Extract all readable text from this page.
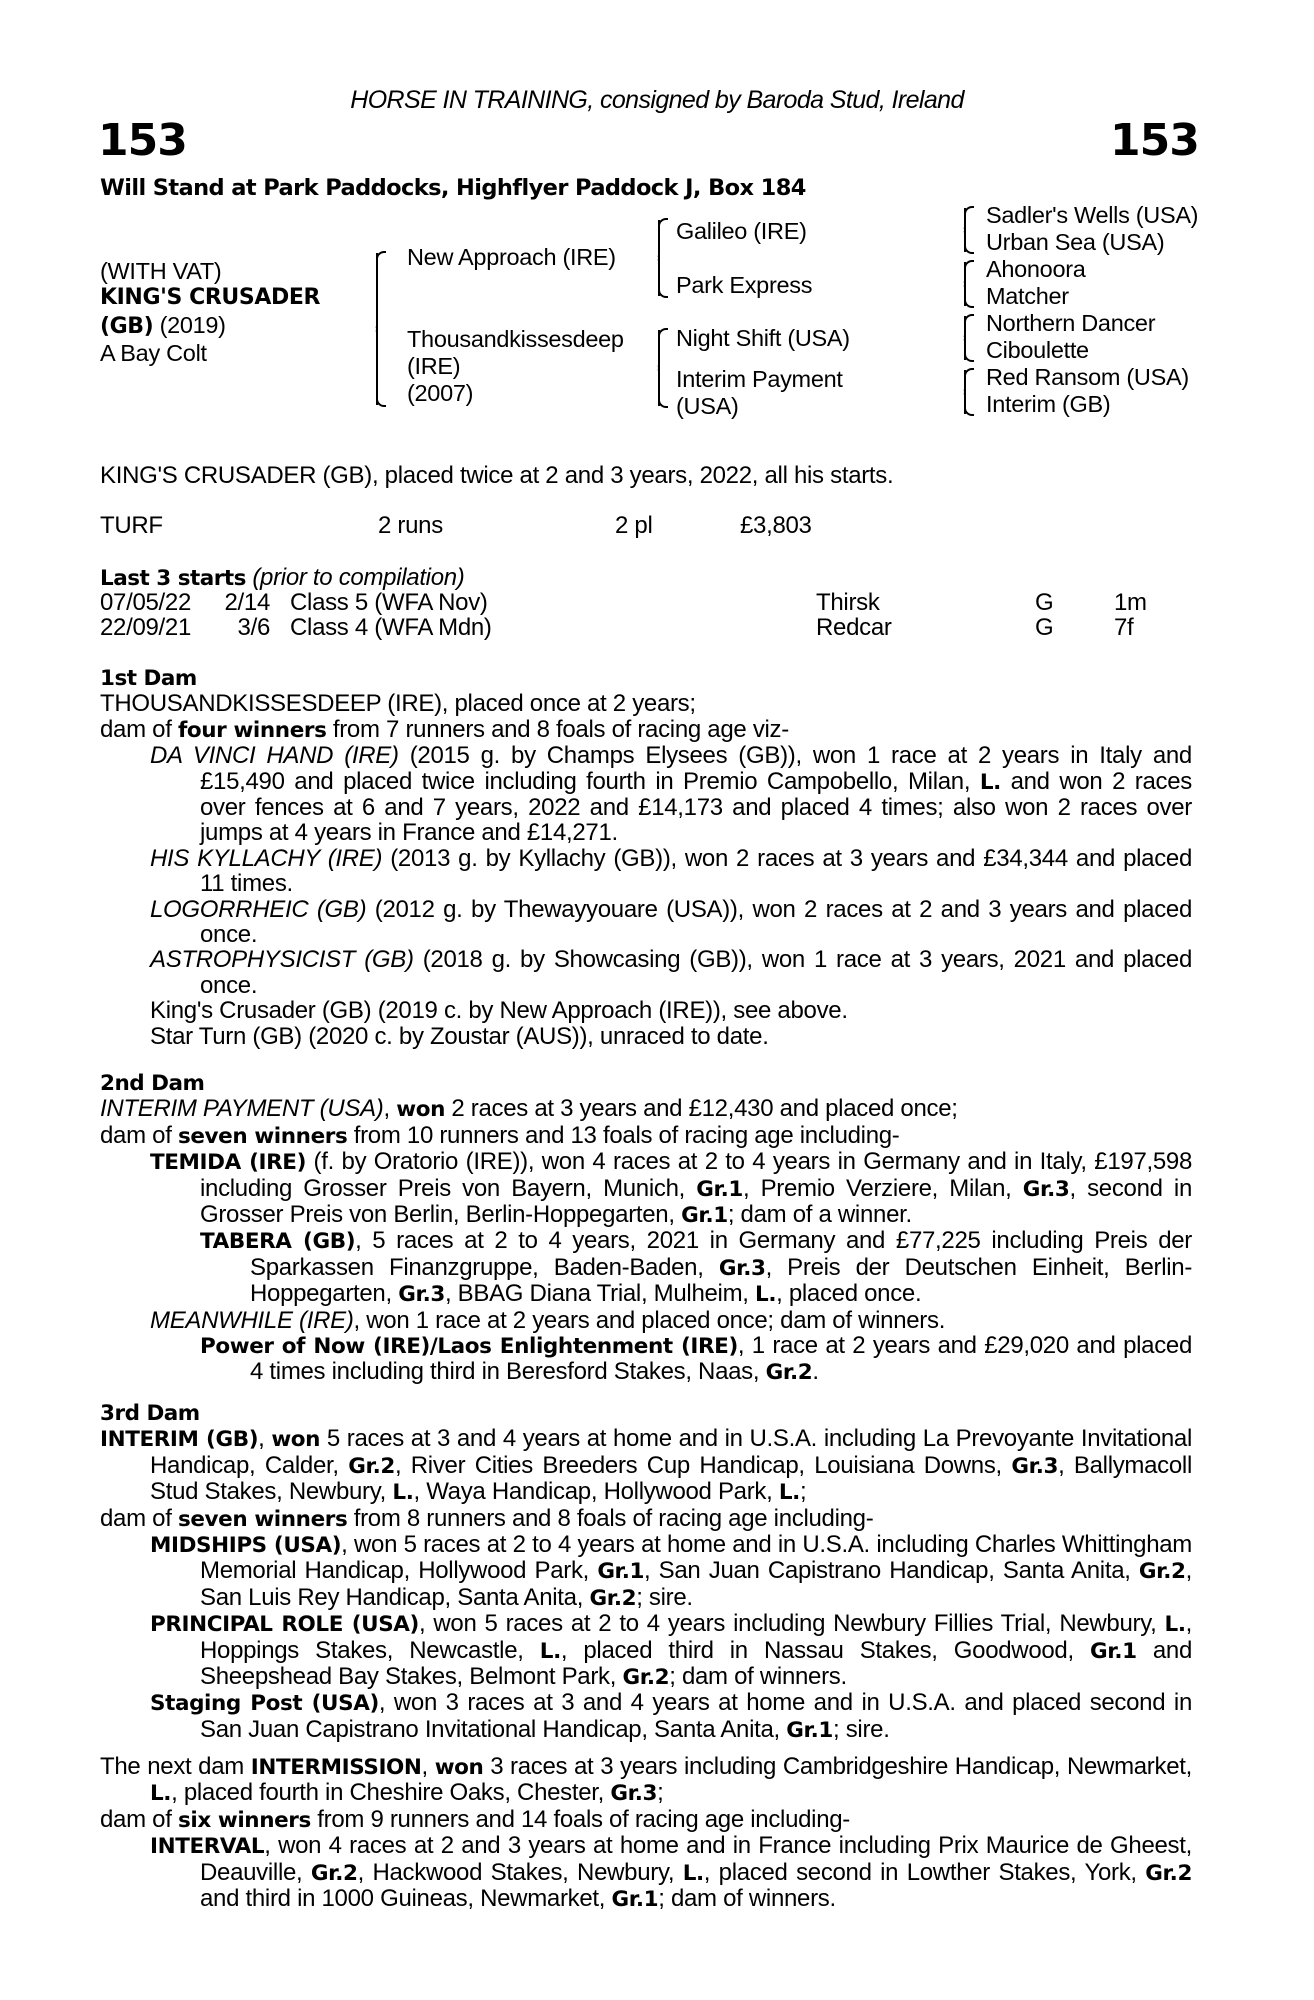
HORSE IN TRAINING, consigned by Baroda Stud, Ireland
153	153
Will Stand at Park Paddocks, Highflyer Paddock J, Box 184
(WITH VAT)
KING'S CRUSADER
(GB) (2019)
A Bay Colt
New Approach (IRE)
Thousandkissesdeep
(IRE)
(2007)
Galileo (IRE)
Park Express
Night Shift (USA)
Interim Payment
(USA)
Sadler's Wells (USA)
Urban Sea (USA)
Ahonoora
Matcher
Northern Dancer
Ciboulette
Red Ransom (USA)
Interim (GB)
KING'S CRUSADER (GB), placed twice at 2 and 3 years, 2022, all his starts.
TURF	2 runs	2 pl	£3,803
Last 3 starts (prior to compilation)
07/05/22	2/14 Class 5 (WFA Nov)	Thirsk	G	1m
22/09/21	3/6 Class 4 (WFA Mdn)	Redcar	G	7f
1st Dam
THOUSANDKISSESDEEP (IRE), placed once at 2 years;
dam of four winners from 7 runners and 8 foals of racing age viz-
DA VINCI HAND (IRE) (2015 g. by Champs Elysees (GB)), won 1 race at 2 years in Italy and £15,490 and placed twice including fourth in Premio Campobello, Milan, L. and won 2 races over fences at 6 and 7 years, 2022 and £14,173 and placed 4 times; also won 2 races over jumps at 4 years in France and £14,271.
HIS KYLLACHY (IRE) (2013 g. by Kyllachy (GB)), won 2 races at 3 years and £34,344 and placed 11 times.
LOGORRHEIC (GB) (2012 g. by Thewayyouare (USA)), won 2 races at 2 and 3 years and placed once.
ASTROPHYSICIST (GB) (2018 g. by Showcasing (GB)), won 1 race at 3 years, 2021 and placed once.
King's Crusader (GB) (2019 c. by New Approach (IRE)), see above.
Star Turn (GB) (2020 c. by Zoustar (AUS)), unraced to date.
2nd Dam
INTERIM PAYMENT (USA), won 2 races at 3 years and £12,430 and placed once;
dam of seven winners from 10 runners and 13 foals of racing age including-
TEMIDA (IRE) (f. by Oratorio (IRE)), won 4 races at 2 to 4 years in Germany and in Italy, £197,598 including Grosser Preis von Bayern, Munich, Gr.1, Premio Verziere, Milan, Gr.3, second in Grosser Preis von Berlin, Berlin-Hoppegarten, Gr.1; dam of a winner.
TABERA (GB), 5 races at 2 to 4 years, 2021 in Germany and £77,225 including Preis der Sparkassen Finanzgruppe, Baden-Baden, Gr.3, Preis der Deutschen Einheit, Berlin-Hoppegarten, Gr.3, BBAG Diana Trial, Mulheim, L., placed once.
MEANWHILE (IRE), won 1 race at 2 years and placed once; dam of winners.
Power of Now (IRE)/Laos Enlightenment (IRE), 1 race at 2 years and £29,020 and placed 4 times including third in Beresford Stakes, Naas, Gr.2.
3rd Dam
INTERIM (GB), won 5 races at 3 and 4 years at home and in U.S.A. including La Prevoyante Invitational Handicap, Calder, Gr.2, River Cities Breeders Cup Handicap, Louisiana Downs, Gr.3, Ballymacoll Stud Stakes, Newbury, L., Waya Handicap, Hollywood Park, L.;
dam of seven winners from 8 runners and 8 foals of racing age including-
MIDSHIPS (USA), won 5 races at 2 to 4 years at home and in U.S.A. including Charles Whittingham Memorial Handicap, Hollywood Park, Gr.1, San Juan Capistrano Handicap, Santa Anita, Gr.2, San Luis Rey Handicap, Santa Anita, Gr.2; sire.
PRINCIPAL ROLE (USA), won 5 races at 2 to 4 years including Newbury Fillies Trial, Newbury, L., Hoppings Stakes, Newcastle, L., placed third in Nassau Stakes, Goodwood, Gr.1 and Sheepshead Bay Stakes, Belmont Park, Gr.2; dam of winners.
Staging Post (USA), won 3 races at 3 and 4 years at home and in U.S.A. and placed second in San Juan Capistrano Invitational Handicap, Santa Anita, Gr.1; sire.
The next dam INTERMISSION, won 3 races at 3 years including Cambridgeshire Handicap, Newmarket, L., placed fourth in Cheshire Oaks, Chester, Gr.3;
dam of six winners from 9 runners and 14 foals of racing age including-
INTERVAL, won 4 races at 2 and 3 years at home and in France including Prix Maurice de Gheest, Deauville, Gr.2, Hackwood Stakes, Newbury, L., placed second in Lowther Stakes, York, Gr.2 and third in 1000 Guineas, Newmarket, Gr.1; dam of winners.
